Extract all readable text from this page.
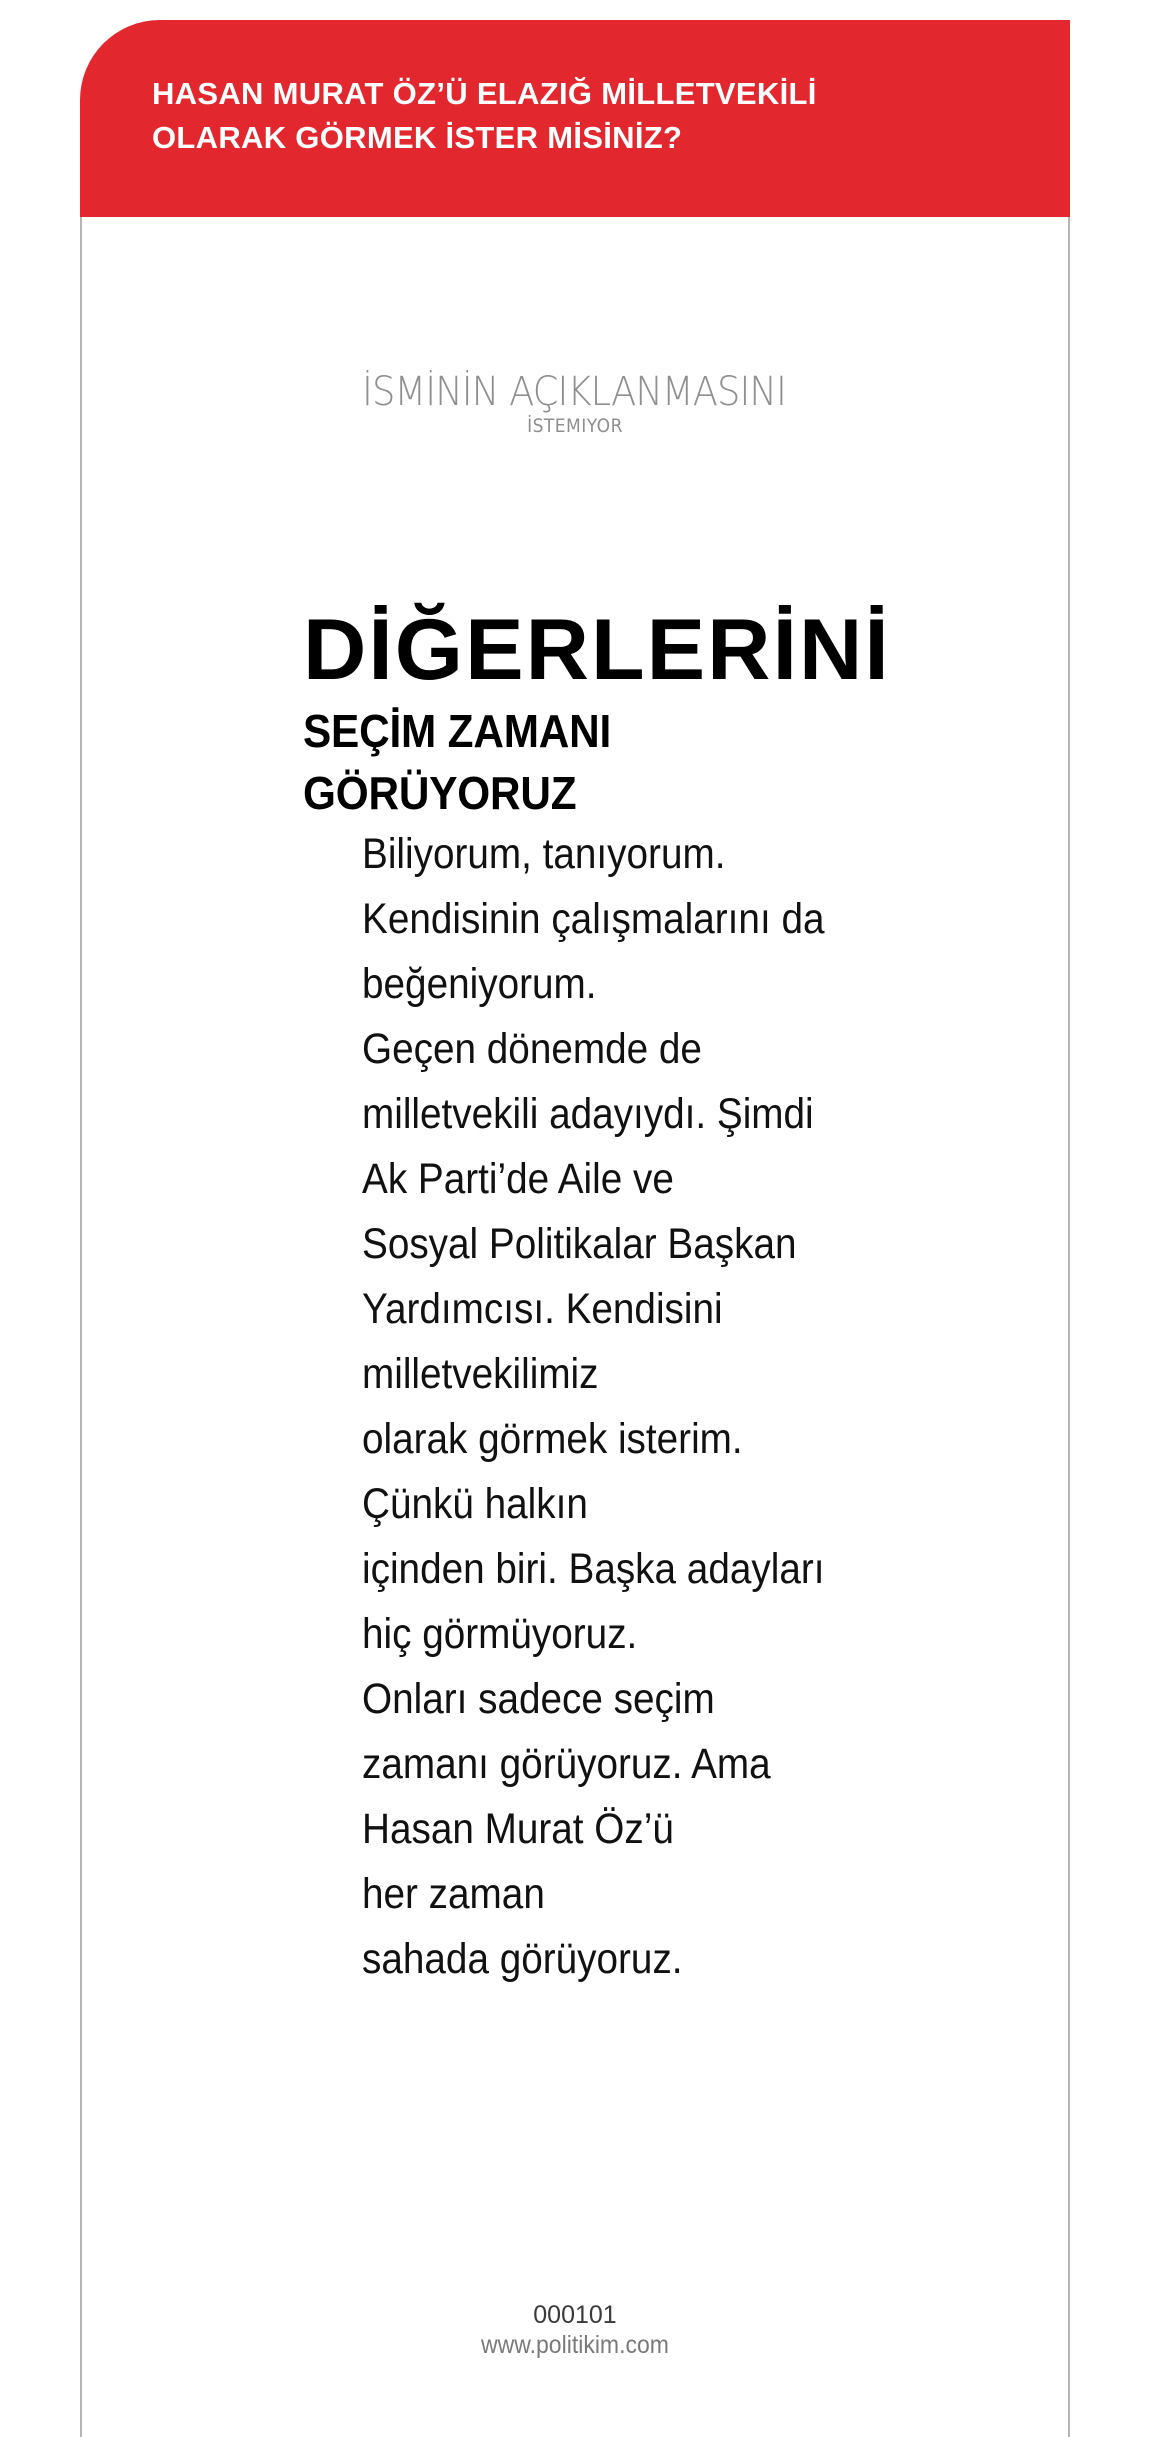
HASAN MURAT ÖZ’Ü ELAZIĞ MİLLETVEKİLİ
OLARAK GÖRMEK İSTER MİSİNİZ?

İSMİNİN AÇIKLANMASINI
İSTEMIYOR
DİĞERLERİNİ
SEÇİM ZAMANI GÖRÜYORUZ
Biliyorum, tanıyorum.
Kendisinin çalışmalarını da
beğeniyorum.
Geçen dönemde de
milletvekili adayıydı. Şimdi
Ak Parti’de Aile ve
Sosyal Politikalar Başkan
Yardımcısı. Kendisini
milletvekilimiz
olarak görmek isterim.
Çünkü halkın
içinden biri. Başka adayları
hiç görmüyoruz.
Onları sadece seçim
zamanı görüyoruz. Ama
Hasan Murat Öz’ü
her zaman
sahada görüyoruz.
000101
www.politikim.com
